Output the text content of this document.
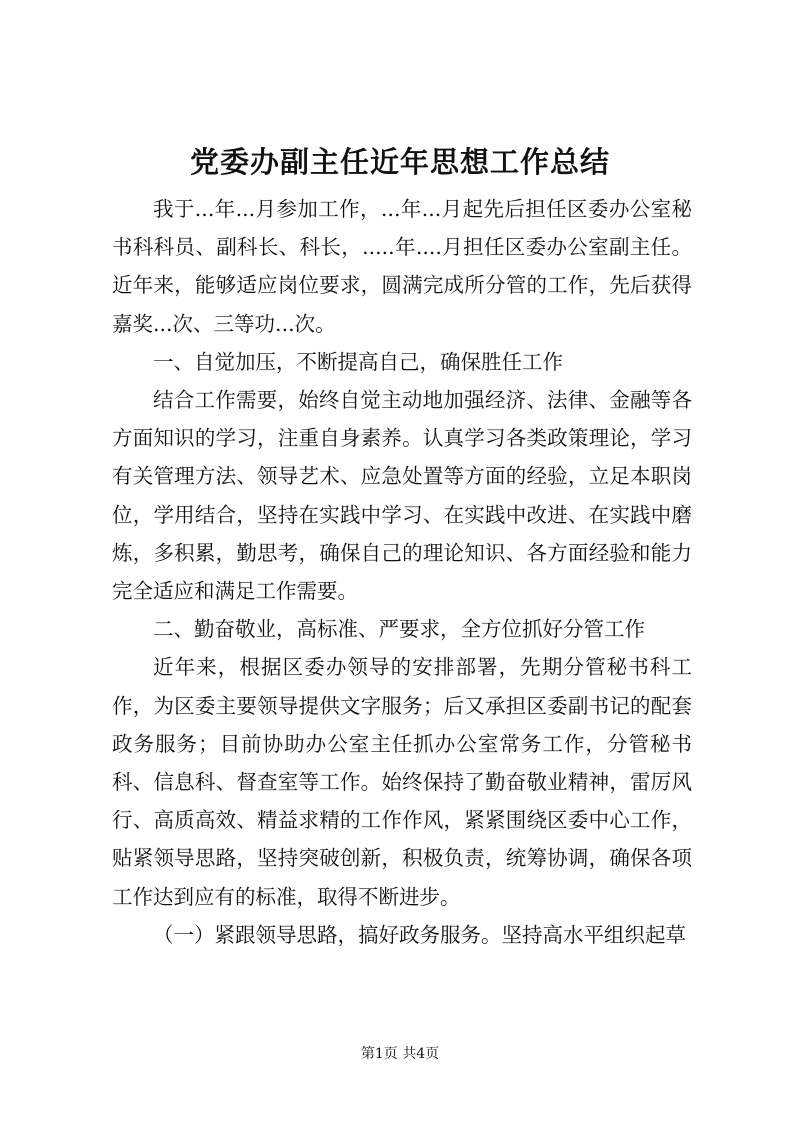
党委办副主任近年思想工作总结

我于...年...月参加工作，...年...月起先后担任区委办公室秘书科科员、副科长、科长，.....年....月担任区委办公室副主任。近年来，能够适应岗位要求，圆满完成所分管的工作，先后获得嘉奖...次、三等功...次。

一、自觉加压，不断提高自己，确保胜任工作

结合工作需要，始终自觉主动地加强经济、法律、金融等各方面知识的学习，注重自身素养。认真学习各类政策理论，学习有关管理方法、领导艺术、应急处置等方面的经验，立足本职岗位，学用结合，坚持在实践中学习、在实践中改进、在实践中磨炼，多积累，勤思考，确保自己的理论知识、各方面经验和能力完全适应和满足工作需要。

二、勤奋敬业，高标准、严要求，全方位抓好分管工作

近年来，根据区委办领导的安排部署，先期分管秘书科工作，为区委主要领导提供文字服务；后又承担区委副书记的配套政务服务；目前协助办公室主任抓办公室常务工作，分管秘书科、信息科、督查室等工作。始终保持了勤奋敬业精神，雷厉风行、高质高效、精益求精的工作作风，紧紧围绕区委中心工作，贴紧领导思路，坚持突破创新，积极负责，统筹协调，确保各项工作达到应有的标准，取得不断进步。

（一）紧跟领导思路，搞好政务服务。坚持高水平组织起草

第1页 共4页
